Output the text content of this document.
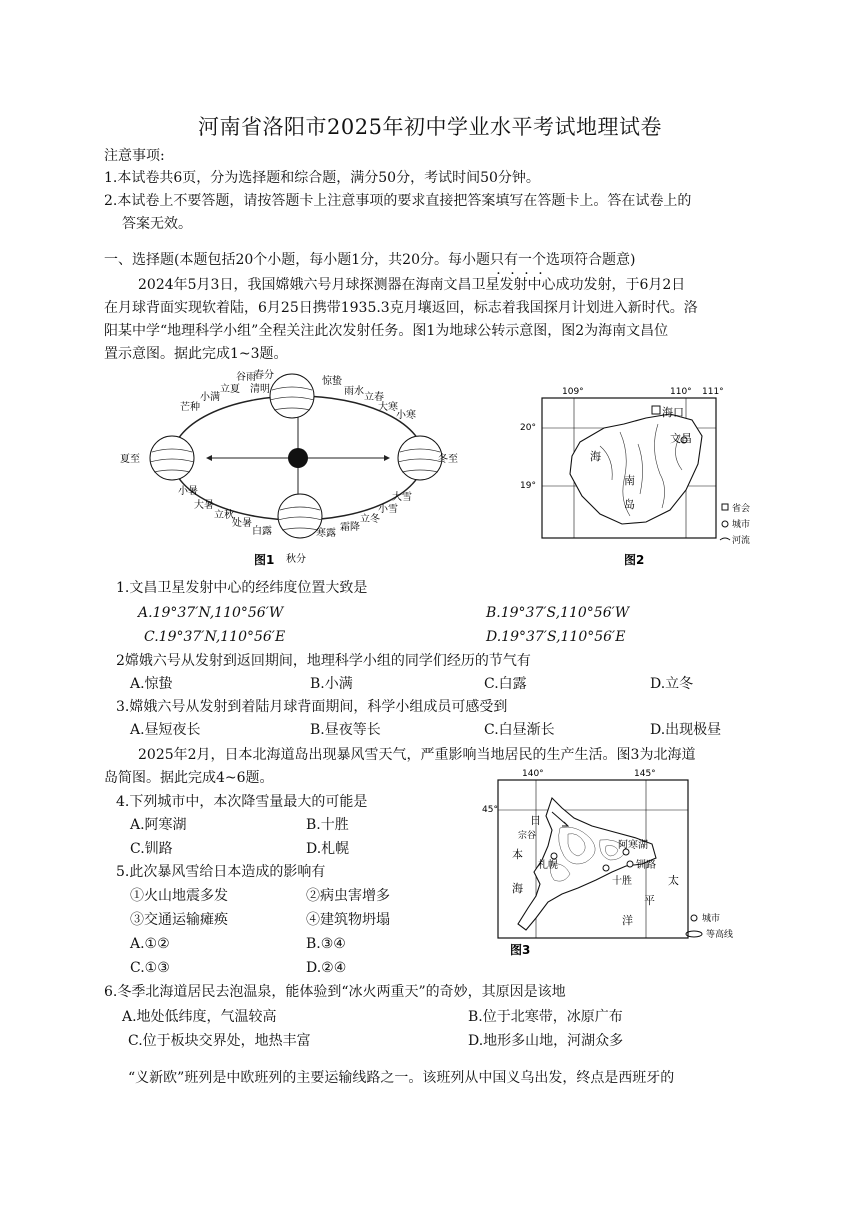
河南省洛阳市2025年初中学业水平考试地理试卷
注意事项:
1.本试卷共6页，分为选择题和综合题，满分50分，考试时间50分钟。
2.本试卷上不要答题，请按答题卡上注意事项的要求直接把答案填写在答题卡上。答在试卷上的
答案无效。
一、选择题(本题包括20个小题，每小题1分，共20分。每小题只有一个选项符合题意)
2024年5月3日，我国嫦娥六号月球探测器在海南文昌卫星发射中心成功发射，于6月2日
在月球背面实现软着陆，6月25日携带1935.3克月壤返回，标志着我国探月计划进入新时代。洛
阳某中学“地理科学小组”全程关注此次发射任务。图1为地球公转示意图，图2为海南文昌位
置示意图。据此完成1~3题。
夏至	冬至
春分
秋分
芒种
小满
立夏
谷雨
清明
惊蛰
雨水
立春
大寒
小寒
小暑
大暑
立秋
处暑
白露	寒露
霜降
立冬
小雪
大雪
图1
109°	110° 111°
20°
19°
海口
文昌
海
南
岛	省会
城市
河流
图2
1.文昌卫星发射中心的经纬度位置大致是
A.19°37′N,110°56′W	B.19°37′S,110°56′W
C.19°37′N,110°56′E	D.19°37′S,110°56′E
2嫦娥六号从发射到返回期间，地理科学小组的同学们经历的节气有
A.惊蛰	B.小满	C.白露	D.立冬
3.嫦娥六号从发射到着陆月球背面期间，科学小组成员可感受到
A.昼短夜长	B.昼夜等长	C.白昼渐长	D.出现极昼
2025年2月，日本北海道岛出现暴风雪天气，严重影响当地居民的生产生活。图3为北海道
岛简图。据此完成4~6题。
4.下列城市中，本次降雪量最大的可能是
A.阿寒湖	B.十胜
C.钏路	D.札幌
5.此次暴风雪给日本造成的影响有
①火山地震多发	②病虫害增多
③交通运输瘫痪	④建筑物坍塌
A.①②	B.③④
C.①③	D.②④
140°	145°
45°
日
本
海
宗谷
札幌
阿寒湖
钏路
十胜	太
平
洋	城市
等高线
图3
6.冬季北海道居民去泡温泉，能体验到“冰火两重天”的奇妙，其原因是该地
A.地处低纬度，气温较高	B.位于北寒带，冰原广布
C.位于板块交界处，地热丰富	D.地形多山地，河湖众多
“义新欧”班列是中欧班列的主要运输线路之一。该班列从中国义乌出发，终点是西班牙的
